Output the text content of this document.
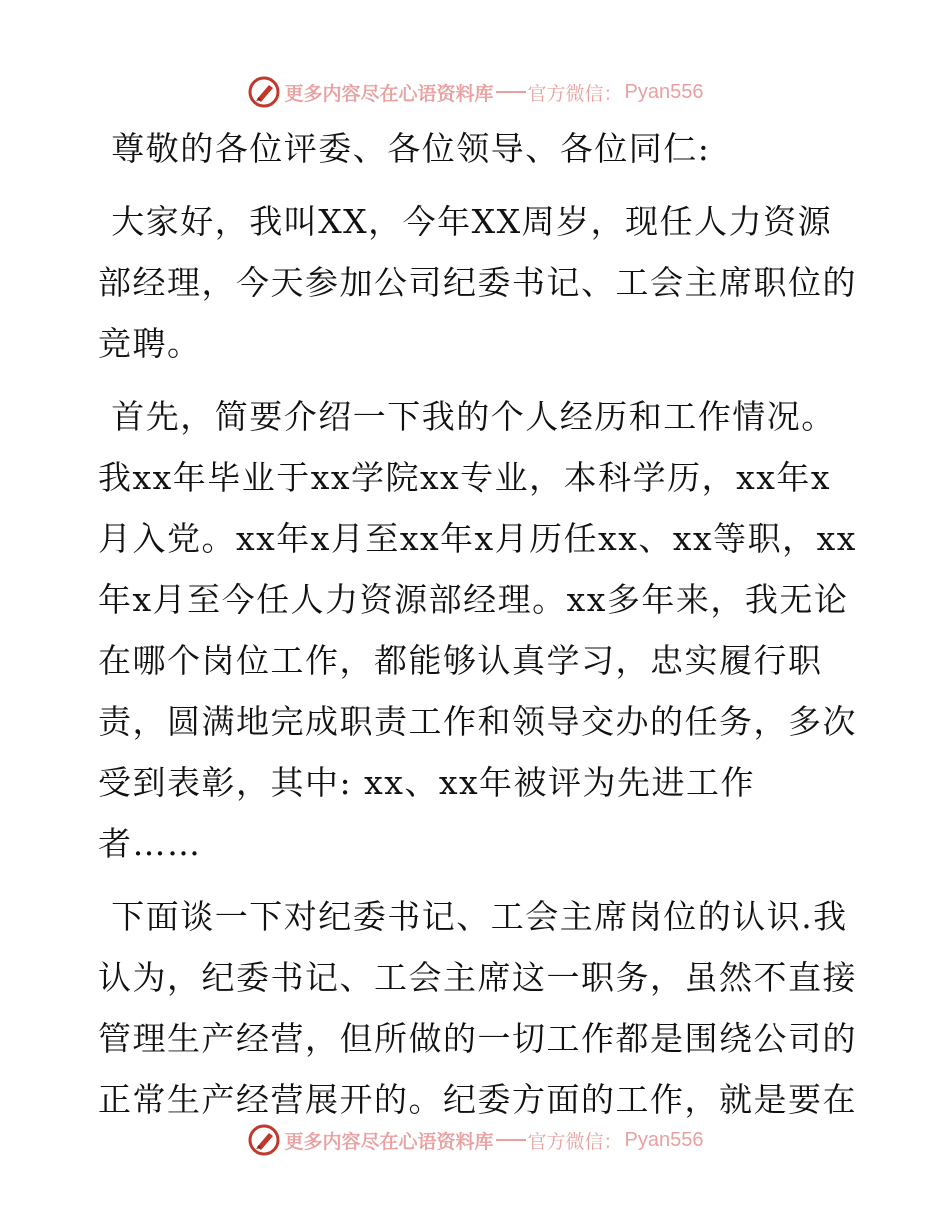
更多内容尽在心语资料库 官方微信： Pyan556

尊敬的各位评委、各位领导、各位同仁:

大家好，我叫XX，今年XX周岁，现任人力资源部经理，今天参加公司纪委书记、工会主席职位的竞聘。

首先，简要介绍一下我的个人经历和工作情况。我xx年毕业于xx学院xx专业，本科学历，xx年x月入党。xx年x月至xx年x月历任xx、xx等职，xx年x月至今任人力资源部经理。xx多年来，我无论在哪个岗位工作，都能够认真学习，忠实履行职责，圆满地完成职责工作和领导交办的任务，多次受到表彰，其中: xx、xx年被评为先进工作者……

下面谈一下对纪委书记、工会主席岗位的认识.我认为，纪委书记、工会主席这一职务，虽然不直接管理生产经营，但所做的一切工作都是围绕公司的正常生产经营展开的。纪委方面的工作，就是要在

更多内容尽在心语资料库 官方微信： Pyan556
